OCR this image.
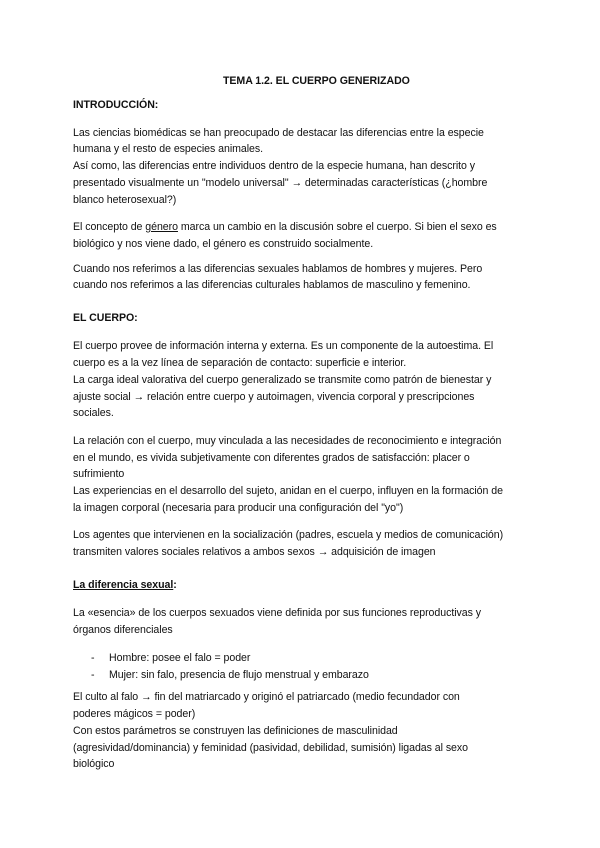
TEMA 1.2. EL CUERPO GENERIZADO
INTRODUCCIÓN:
Las ciencias biomédicas se han preocupado de destacar las diferencias entre la especie
humana y el resto de especies animales.
Así como, las diferencias entre individuos dentro de la especie humana, han descrito y
presentado visualmente un "modelo universal" → determinadas características (¿hombre
blanco heterosexual?)
El concepto de género marca un cambio en la discusión sobre el cuerpo. Si bien el sexo es
biológico y nos viene dado, el género es construido socialmente.
Cuando nos referimos a las diferencias sexuales hablamos de hombres y mujeres. Pero
cuando nos referimos a las diferencias culturales hablamos de masculino y femenino.
EL CUERPO:
El cuerpo provee de información interna y externa. Es un componente de la autoestima. El
cuerpo es a la vez línea de separación de contacto: superficie e interior.
La carga ideal valorativa del cuerpo generalizado se transmite como patrón de bienestar y
ajuste social → relación entre cuerpo y autoimagen, vivencia corporal y prescripciones
sociales.
La relación con el cuerpo, muy vinculada a las necesidades de reconocimiento e integración
en el mundo, es vivida subjetivamente con diferentes grados de satisfacción: placer o
sufrimiento
Las experiencias en el desarrollo del sujeto, anidan en el cuerpo, influyen en la formación de
la imagen corporal (necesaria para producir una configuración del "yo")
Los agentes que intervienen en la socialización (padres, escuela y medios de comunicación)
transmiten valores sociales relativos a ambos sexos → adquisición de imagen
La diferencia sexual:
La «esencia» de los cuerpos sexuados viene definida por sus funciones reproductivas y
órganos diferenciales
- Hombre: posee el falo = poder
- Mujer: sin falo, presencia de flujo menstrual y embarazo
El culto al falo → fin del matriarcado y originó el patriarcado (medio fecundador con
poderes mágicos = poder)
Con estos parámetros se construyen las definiciones de masculinidad
(agresividad/dominancia) y feminidad (pasividad, debilidad, sumisión) ligadas al sexo
biológico
